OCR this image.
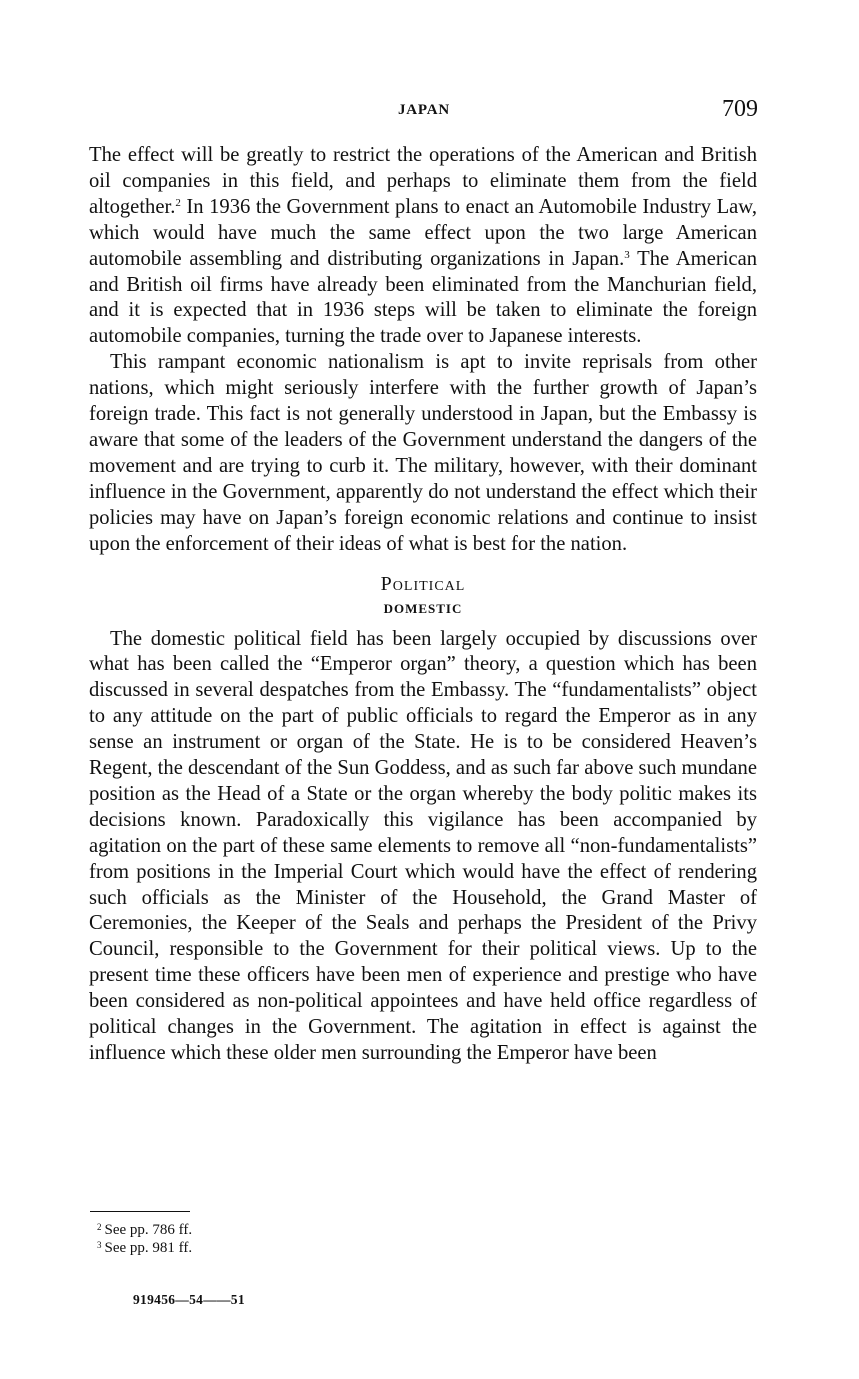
JAPAN	709

The effect will be greatly to restrict the operations of the American and British oil companies in this field, and perhaps to eliminate them from the field altogether.$^2$ In 1936 the Government plans to enact an Automobile Industry Law, which would have much the same effect upon the two large American automobile assembling and distributing organizations in Japan.$^3$ The American and British oil firms have already been eliminated from the Manchurian field, and it is expected that in 1936 steps will be taken to eliminate the foreign automobile companies, turning the trade over to Japanese interests.

This rampant economic nationalism is apt to invite reprisals from other nations, which might seriously interfere with the further growth of Japan’s foreign trade. This fact is not generally understood in Japan, but the Embassy is aware that some of the leaders of the Government understand the dangers of the movement and are trying to curb it. The military, however, with their dominant influence in the Government, apparently do not understand the effect which their policies may have on Japan’s foreign economic relations and continue to insist upon the enforcement of their ideas of what is best for the nation.

Political
DOMESTIC

The domestic political field has been largely occupied by discussions over what has been called the “Emperor organ” theory, a question which has been discussed in several despatches from the Embassy. The “fundamentalists” object to any attitude on the part of public officials to regard the Emperor as in any sense an instrument or organ of the State. He is to be considered Heaven’s Regent, the descendant of the Sun Goddess, and as such far above such mundane position as the Head of a State or the organ whereby the body politic makes its decisions known. Paradoxically this vigilance has been accompanied by agitation on the part of these same elements to remove all “non-fundamentalists” from positions in the Imperial Court which would have the effect of rendering such officials as the Minister of the Household, the Grand Master of Ceremonies, the Keeper of the Seals and perhaps the President of the Privy Council, responsible to the Government for their political views. Up to the present time these officers have been men of experience and prestige who have been considered as non-political appointees and have held office regardless of political changes in the Government. The agitation in effect is against the influence which these older men surrounding the Emperor have been

$^2$ See pp. 786 ff.
$^3$ See pp. 981 ff.
919456—54——51
